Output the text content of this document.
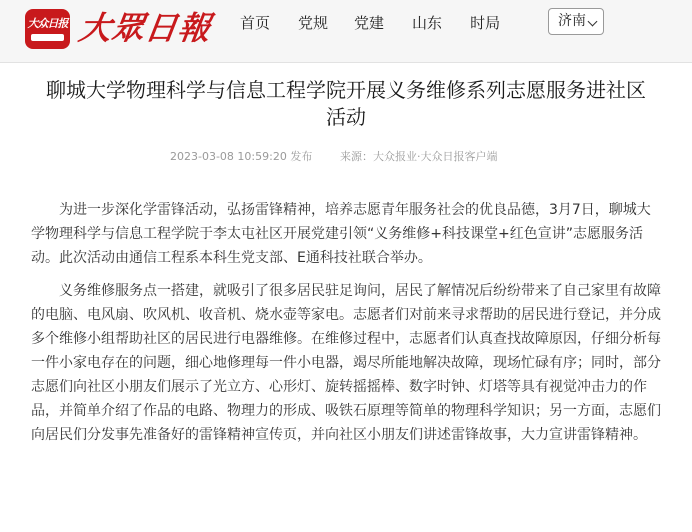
大众日报 大眾日報 首页 党规 党建 山东 时局	济南
聊城大学物理科学与信息工程学院开展义务维修系列志愿服务进社区活动
2023-03-08 10:59:20 发布	来源：大众报业·大众日报客户端

为进一步深化学雷锋活动，弘扬雷锋精神，培养志愿青年服务社会的优良品德，3月7日，聊城大学物理科学与信息工程学院于李太屯社区开展党建引领“义务维修+科技课堂+红色宣讲”志愿服务活动。此次活动由通信工程系本科生党支部、E通科技社联合举办。

义务维修服务点一搭建，就吸引了很多居民驻足询问，居民了解情况后纷纷带来了自己家里有故障的电脑、电风扇、吹风机、收音机、烧水壶等家电。志愿者们对前来寻求帮助的居民进行登记，并分成多个维修小组帮助社区的居民进行电器维修。在维修过程中，志愿者们认真查找故障原因，仔细分析每一件小家电存在的问题，细心地修理每一件小电器，竭尽所能地解决故障，现场忙碌有序；同时，部分志愿们向社区小朋友们展示了光立方、心形灯、旋转摇摇棒、数字时钟、灯塔等具有视觉冲击力的作品，并简单介绍了作品的电路、物理力的形成、吸铁石原理等简单的物理科学知识；另一方面，志愿们向居民们分发事先准备好的雷锋精神宣传页，并向社区小朋友们讲述雷锋故事，大力宣讲雷锋精神。
